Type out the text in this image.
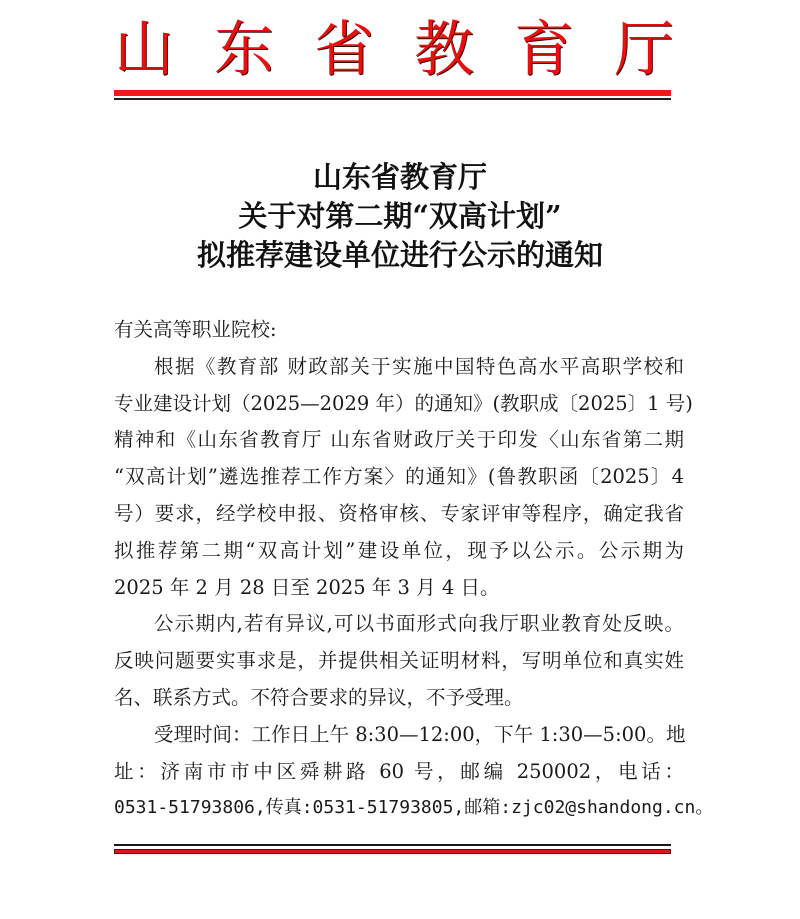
山 东 省 教 育 厅
山东省教育厅
关于对第二期“双高计划”
拟推荐建设单位进行公示的通知
有关高等职业院校:
根据《教育部 财政部关于实施中国特色高水平高职学校和
专业建设计划（2025—2029 年）的通知》(教职成〔2025〕1 号)
精神和《山东省教育厅 山东省财政厅关于印发〈山东省第二期
“双高计划”遴选推荐工作方案〉的通知》(鲁教职函〔2025〕4
号）要求，经学校申报、资格审核、专家评审等程序，确定我省
拟推荐第二期“双高计划”建设单位，现予以公示。公示期为
2025 年 2 月 28 日至 2025 年 3 月 4 日。
公示期内,若有异议,可以书面形式向我厅职业教育处反映。
反映问题要实事求是，并提供相关证明材料，写明单位和真实姓
名、联系方式。不符合要求的异议，不予受理。
受理时间：工作日上午 8:30—12:00，下午 1:30—5:00。地
址：济南市市中区舜耕路 60 号，邮编 250002，电话：
0531-51793806,传真:0531-51793805,邮箱:zjc02@shandong.cn。
